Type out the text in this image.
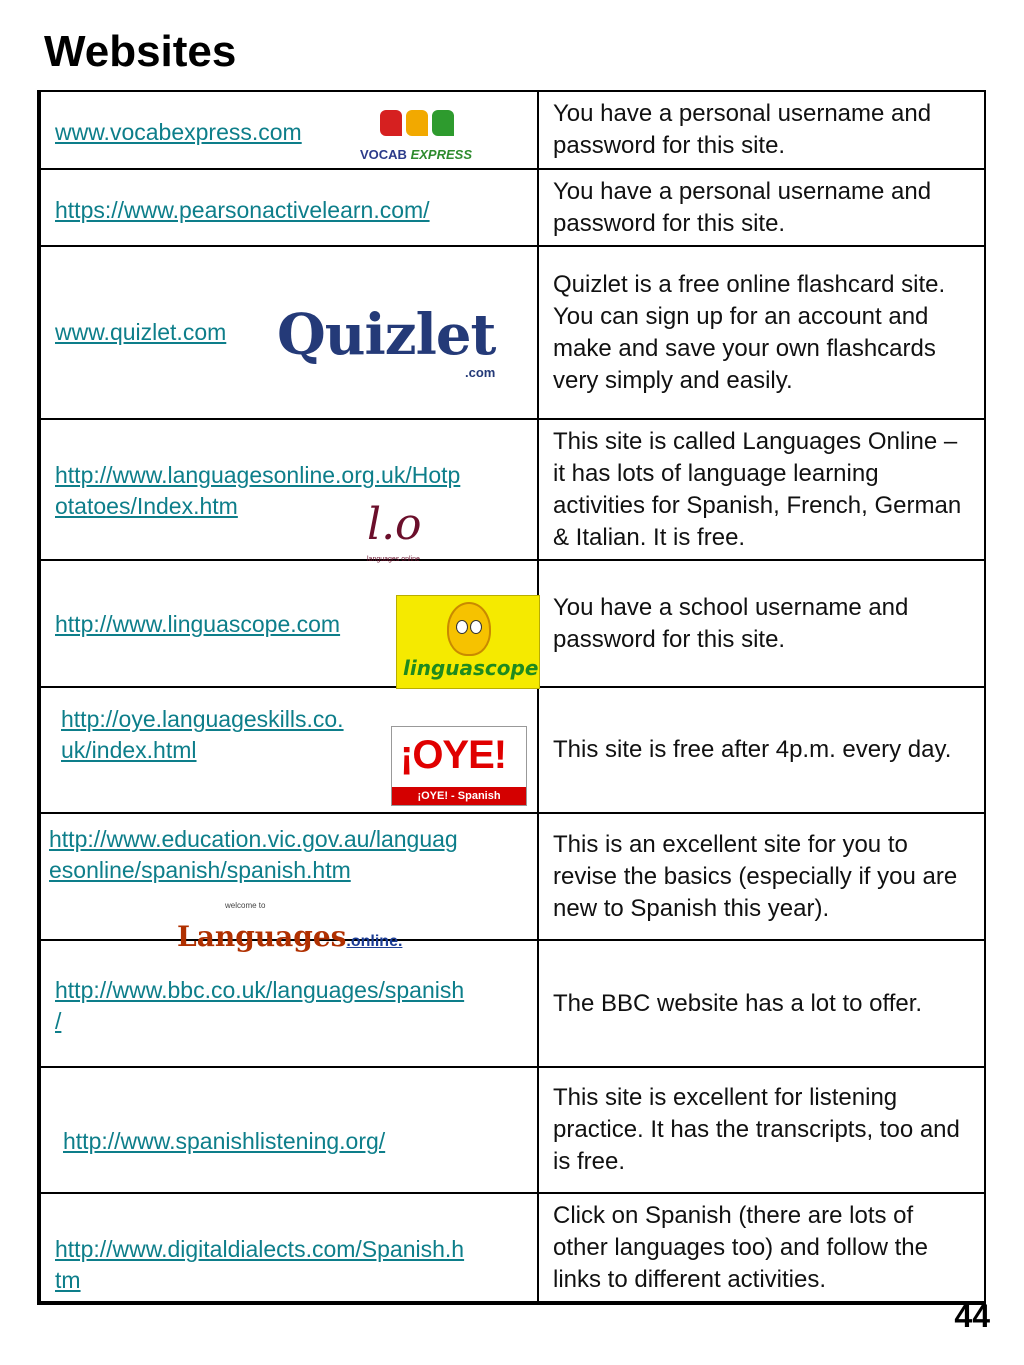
Websites
www.vocabexpress.com
VOCAB EXPRESS	You have a personal username and password for this site.

https://www.pearsonactivelearn.com/	You have a personal username and password for this site.

www.quizlet.com Quizlet
.com	Quizlet is a free online flashcard site. You can sign up for an account and make and save your own flashcards very simply and easily.

http://www.languagesonline.org.uk/Hotp
otatoes/Index.htm l.o
languages online	This site is called Languages Online – it has lots of language learning activities for Spanish, French, German & Italian. It is free.

http://www.linguascope.com
linguascope	You have a school username and password for this site.

http://oye.languageskills.co.
uk/index.html ¡OYE!
¡OYE! - Spanish	This site is free after 4p.m. every day.

http://www.education.vic.gov.au/languag
esonline/spanish/spanish.htm
welcome to
Languages.online.	This is an excellent site for you to revise the basics (especially if you are new to Spanish this year).

http://www.bbc.co.uk/languages/spanish
/	The BBC website has a lot to offer.

http://www.spanishlistening.org/	This site is excellent for listening practice. It has the transcripts, too and is free.

http://www.digitaldialects.com/Spanish.h
tm	Click on Spanish (there are lots of other languages too) and follow the links to different activities.
44
